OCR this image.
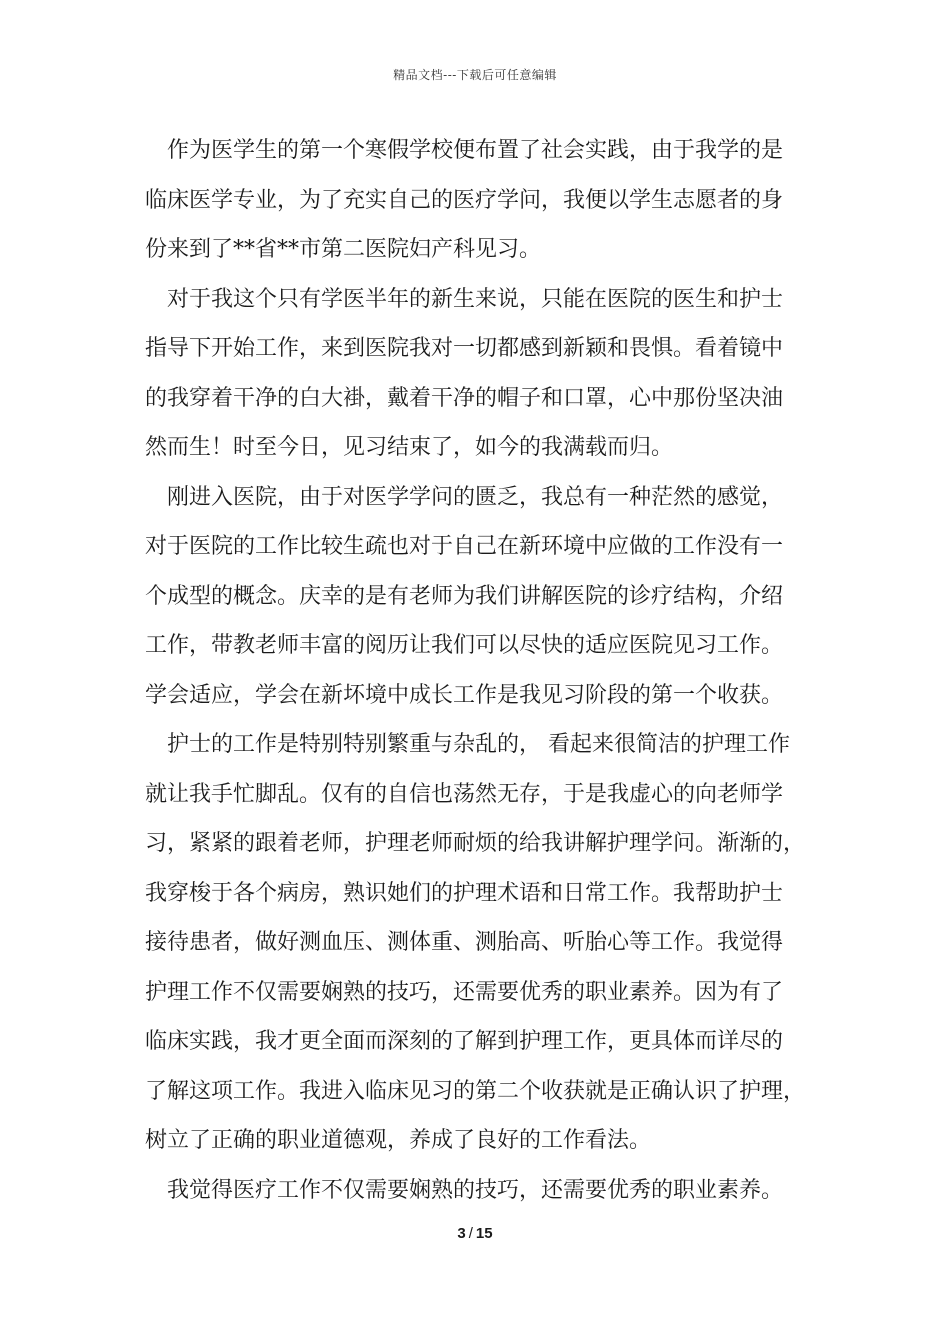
精品文档---下载后可任意编辑
作为医学生的第一个寒假学校便布置了社会实践，由于我学的是
临床医学专业，为了充实自己的医疗学问，我便以学生志愿者的身
份来到了**省**市第二医院妇产科见习。
对于我这个只有学医半年的新生来说，只能在医院的医生和护士
指导下开始工作，来到医院我对一切都感到新颖和畏惧。看着镜中
的我穿着干净的白大褂，戴着干净的帽子和口罩，心中那份坚决油
然而生！时至今日，见习结束了，如今的我满载而归。
刚进入医院，由于对医学学问的匮乏，我总有一种茫然的感觉，
对于医院的工作比较生疏也对于自己在新环境中应做的工作没有一
个成型的概念。庆幸的是有老师为我们讲解医院的诊疗结构，介绍
工作，带教老师丰富的阅历让我们可以尽快的适应医院见习工作。
学会适应，学会在新坏境中成长工作是我见习阶段的第一个收获。
护士的工作是特别特别繁重与杂乱的， 看起来很简洁的护理工作
就让我手忙脚乱。仅有的自信也荡然无存，于是我虚心的向老师学
习，紧紧的跟着老师，护理老师耐烦的给我讲解护理学问。渐渐的，
我穿梭于各个病房，熟识她们的护理术语和日常工作。我帮助护士
接待患者，做好测血压、测体重、测胎高、听胎心等工作。我觉得
护理工作不仅需要娴熟的技巧，还需要优秀的职业素养。因为有了
临床实践，我才更全面而深刻的了解到护理工作，更具体而详尽的
了解这项工作。我进入临床见习的第二个收获就是正确认识了护理，
树立了正确的职业道德观，养成了良好的工作看法。
我觉得医疗工作不仅需要娴熟的技巧，还需要优秀的职业素养。
3 / 15
